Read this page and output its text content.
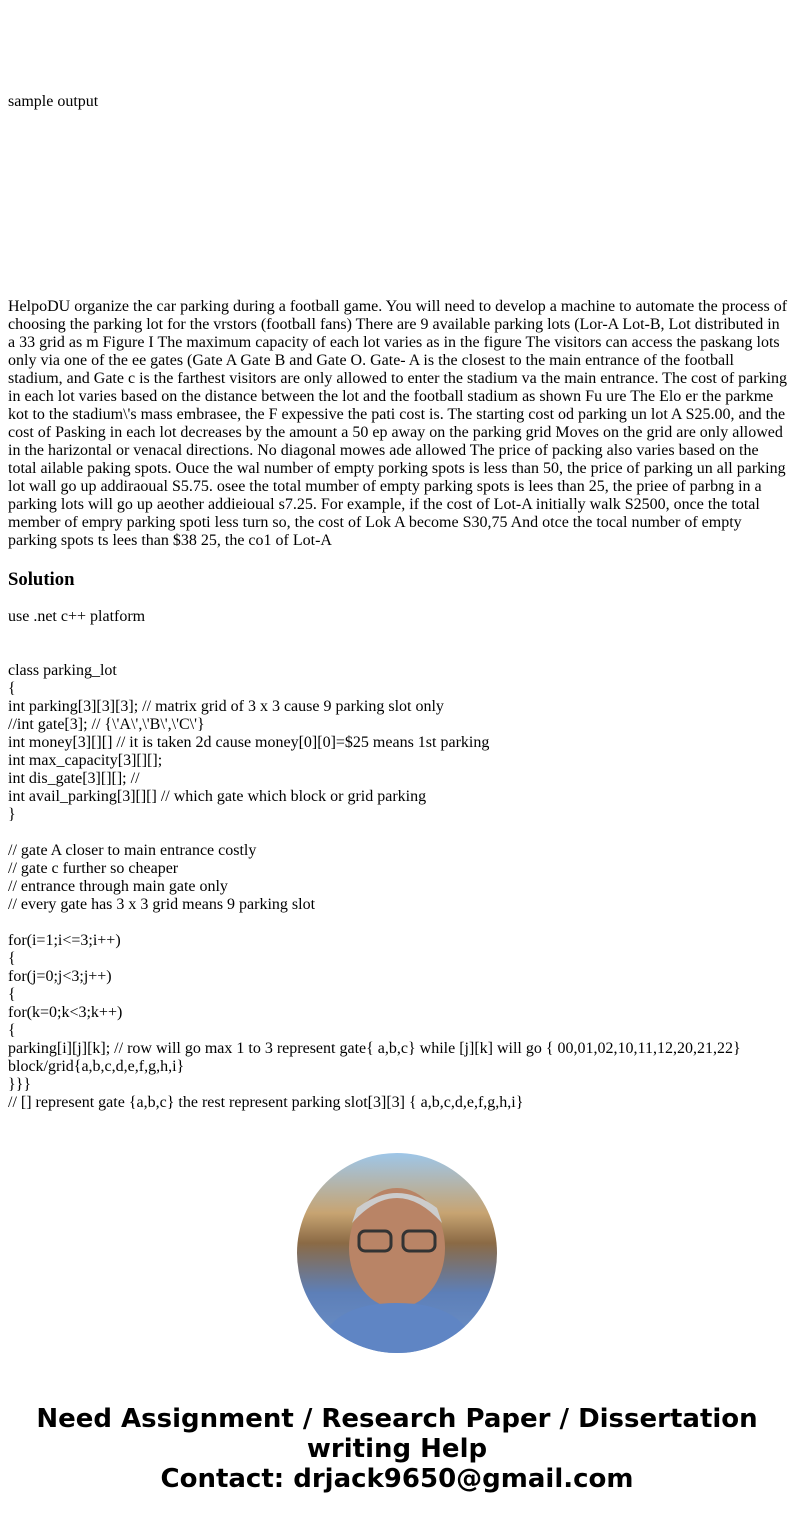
sample output

HelpoDU organize the car parking during a football game. You will need to develop a machine to automate the process of choosing the parking lot for the vrstors (football fans) There are 9 available parking lots (Lor-A Lot-B, Lot distributed in a 33 grid as m Figure I The maximum capacity of each lot varies as in the figure The visitors can access the paskang lots only via one of the ee gates (Gate A Gate B and Gate O. Gate- A is the closest to the main entrance of the football stadium, and Gate c is the farthest visitors are only allowed to enter the stadium va the main entrance. The cost of parking in each lot varies based on the distance between the lot and the football stadium as shown Fu ure The Elo er the parkme kot to the stadium\'s mass embrasee, the F expessive the pati cost is. The starting cost od parking un lot A S25.00, and the cost of Pasking in each lot decreases by the amount a 50 ep away on the parking grid Moves on the grid are only allowed in the harizontal or venacal directions. No diagonal mowes ade allowed The price of packing also varies based on the total ailable paking spots. Ouce the wal number of empty porking spots is less than 50, the price of parking un all parking lot wall go up addiraoual S5.75. osee the total mumber of empty parking spots is lees than 25, the priee of parbng in a parking lots will go up aeother addieioual s7.25. For example, if the cost of Lot-A initially walk S2500, once the total member of empry parking spoti less turn so, the cost of Lok A become S30,75 And otce the tocal number of empty parking spots ts lees than $38 25, the co1 of Lot-A

Solution
use .net c++ platform
class parking_lot
{
int parking[3][3][3]; // matrix grid of 3 x 3 cause 9 parking slot only
//int gate[3]; // {\'A\',\'B\',\'C\'}
int money[3][][] // it is taken 2d cause money[0][0]=$25 means 1st parking
int max_capacity[3][][];
int dis_gate[3][][]; //
int avail_parking[3][][] // which gate which block or grid parking
}
// gate A closer to main entrance costly
// gate c further so cheaper
// entrance through main gate only
// every gate has 3 x 3 grid means 9 parking slot
for(i=1;i<=3;i++)
{
for(j=0;j<3;j++)
{
for(k=0;k<3;k++)
{
parking[i][j][k]; // row will go max 1 to 3 represent gate{ a,b,c} while [j][k] will go { 00,01,02,10,11,12,20,21,22} block/grid{a,b,c,d,e,f,g,h,i}
}}}
// [] represent gate {a,b,c} the rest represent parking slot[3][3] { a,b,c,d,e,f,g,h,i}
Need Assignment / Research Paper / Dissertation writing Help
Contact: drjack9650@gmail.com
